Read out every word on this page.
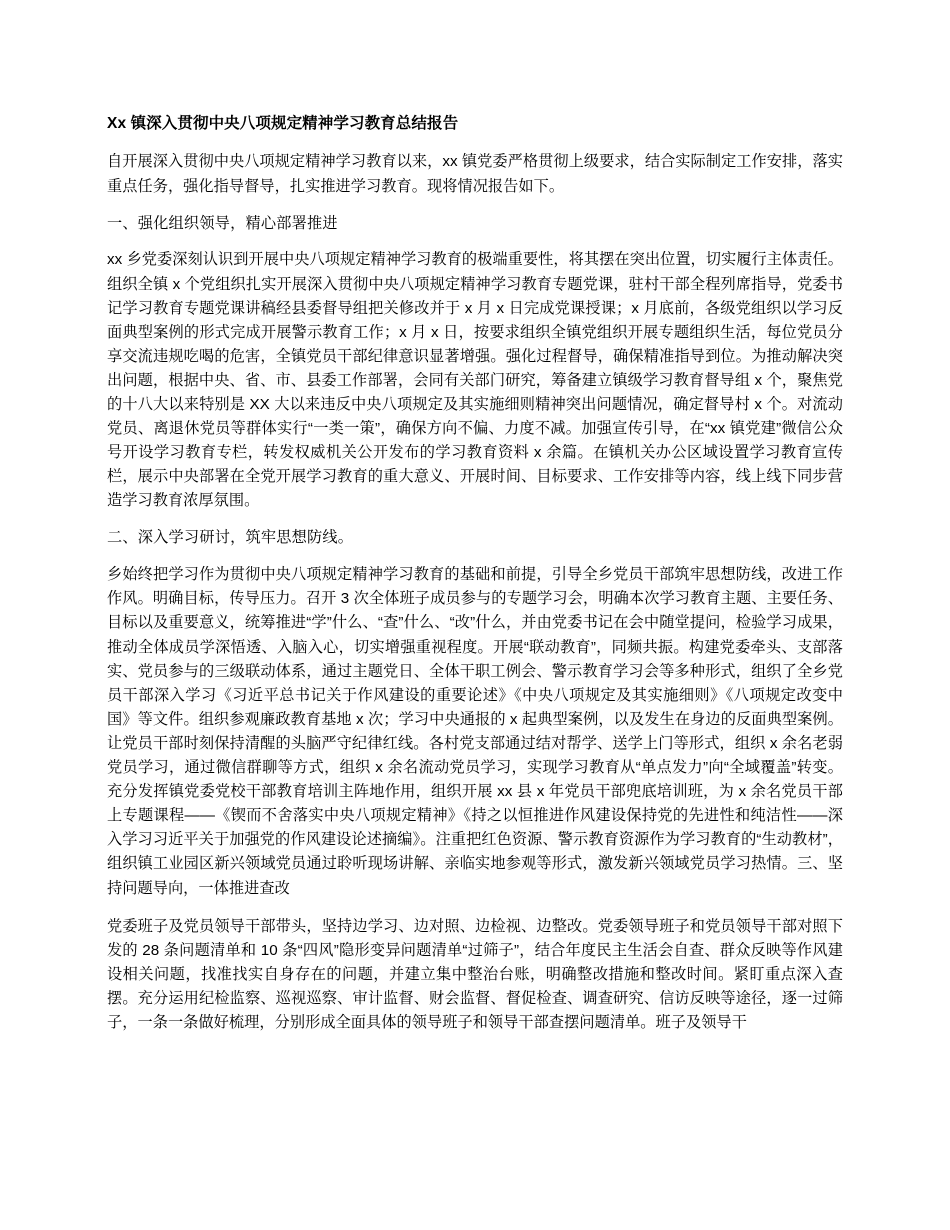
Xx 镇深入贯彻中央八项规定精神学习教育总结报告

自开展深入贯彻中央八项规定精神学习教育以来，xx 镇党委严格贯彻上级要求，结合实际制定工作安排，落实重点任务，强化指导督导，扎实推进学习教育。现将情况报告如下。

一、强化组织领导，精心部署推进

xx 乡党委深刻认识到开展中央八项规定精神学习教育的极端重要性，将其摆在突出位置，切实履行主体责任。组织全镇 x 个党组织扎实开展深入贯彻中央八项规定精神学习教育专题党课，驻村干部全程列席指导，党委书记学习教育专题党课讲稿经县委督导组把关修改并于 x 月 x 日完成党课授课；x 月底前，各级党组织以学习反面典型案例的形式完成开展警示教育工作；x 月 x 日，按要求组织全镇党组织开展专题组织生活，每位党员分享交流违规吃喝的危害，全镇党员干部纪律意识显著增强。强化过程督导，确保精准指导到位。为推动解决突出问题，根据中央、省、市、县委工作部署，会同有关部门研究，筹备建立镇级学习教育督导组 x 个，聚焦党的十八大以来特别是 XX 大以来违反中央八项规定及其实施细则精神突出问题情况，确定督导村 x 个。对流动党员、离退休党员等群体实行“一类一策”，确保方向不偏、力度不减。加强宣传引导，在“xx 镇党建”微信公众号开设学习教育专栏，转发权威机关公开发布的学习教育资料 x 余篇。在镇机关办公区域设置学习教育宣传栏，展示中央部署在全党开展学习教育的重大意义、开展时间、目标要求、工作安排等内容，线上线下同步营造学习教育浓厚氛围。

二、深入学习研讨，筑牢思想防线。

乡始终把学习作为贯彻中央八项规定精神学习教育的基础和前提，引导全乡党员干部筑牢思想防线，改进工作作风。明确目标，传导压力。召开 3 次全体班子成员参与的专题学习会，明确本次学习教育主题、主要任务、目标以及重要意义，统筹推进“学”什么、“查”什么、“改”什么，并由党委书记在会中随堂提问，检验学习成果，推动全体成员学深悟透、入脑入心，切实增强重视程度。开展“联动教育”，同频共振。构建党委牵头、支部落实、党员参与的三级联动体系，通过主题党日、全体干职工例会、警示教育学习会等多种形式，组织了全乡党员干部深入学习《习近平总书记关于作风建设的重要论述》《中央八项规定及其实施细则》《八项规定改变中国》等文件。组织参观廉政教育基地 x 次；学习中央通报的 x 起典型案例，以及发生在身边的反面典型案例。让党员干部时刻保持清醒的头脑严守纪律红线。各村党支部通过结对帮学、送学上门等形式，组织 x 余名老弱党员学习，通过微信群聊等方式，组织 x 余名流动党员学习，实现学习教育从“单点发力”向“全域覆盖”转变。充分发挥镇党委党校干部教育培训主阵地作用，组织开展 xx 县 x 年党员干部兜底培训班，为 x 余名党员干部上专题课程——《锲而不舍落实中央八项规定精神》《持之以恒推进作风建设保持党的先进性和纯洁性——深入学习习近平关于加强党的作风建设论述摘编》。注重把红色资源、警示教育资源作为学习教育的“生动教材”，组织镇工业园区新兴领域党员通过聆听现场讲解、亲临实地参观等形式，激发新兴领域党员学习热情。三、坚持问题导向，一体推进查改

党委班子及党员领导干部带头，坚持边学习、边对照、边检视、边整改。党委领导班子和党员领导干部对照下发的 28 条问题清单和 10 条“四风”隐形变异问题清单“过筛子”，结合年度民主生活会自查、群众反映等作风建设相关问题，找准找实自身存在的问题，并建立集中整治台账，明确整改措施和整改时间。紧盯重点深入查摆。充分运用纪检监察、巡视巡察、审计监督、财会监督、督促检查、调查研究、信访反映等途径，逐一过筛子，一条一条做好梳理，分别形成全面具体的领导班子和领导干部查摆问题清单。班子及领导干
